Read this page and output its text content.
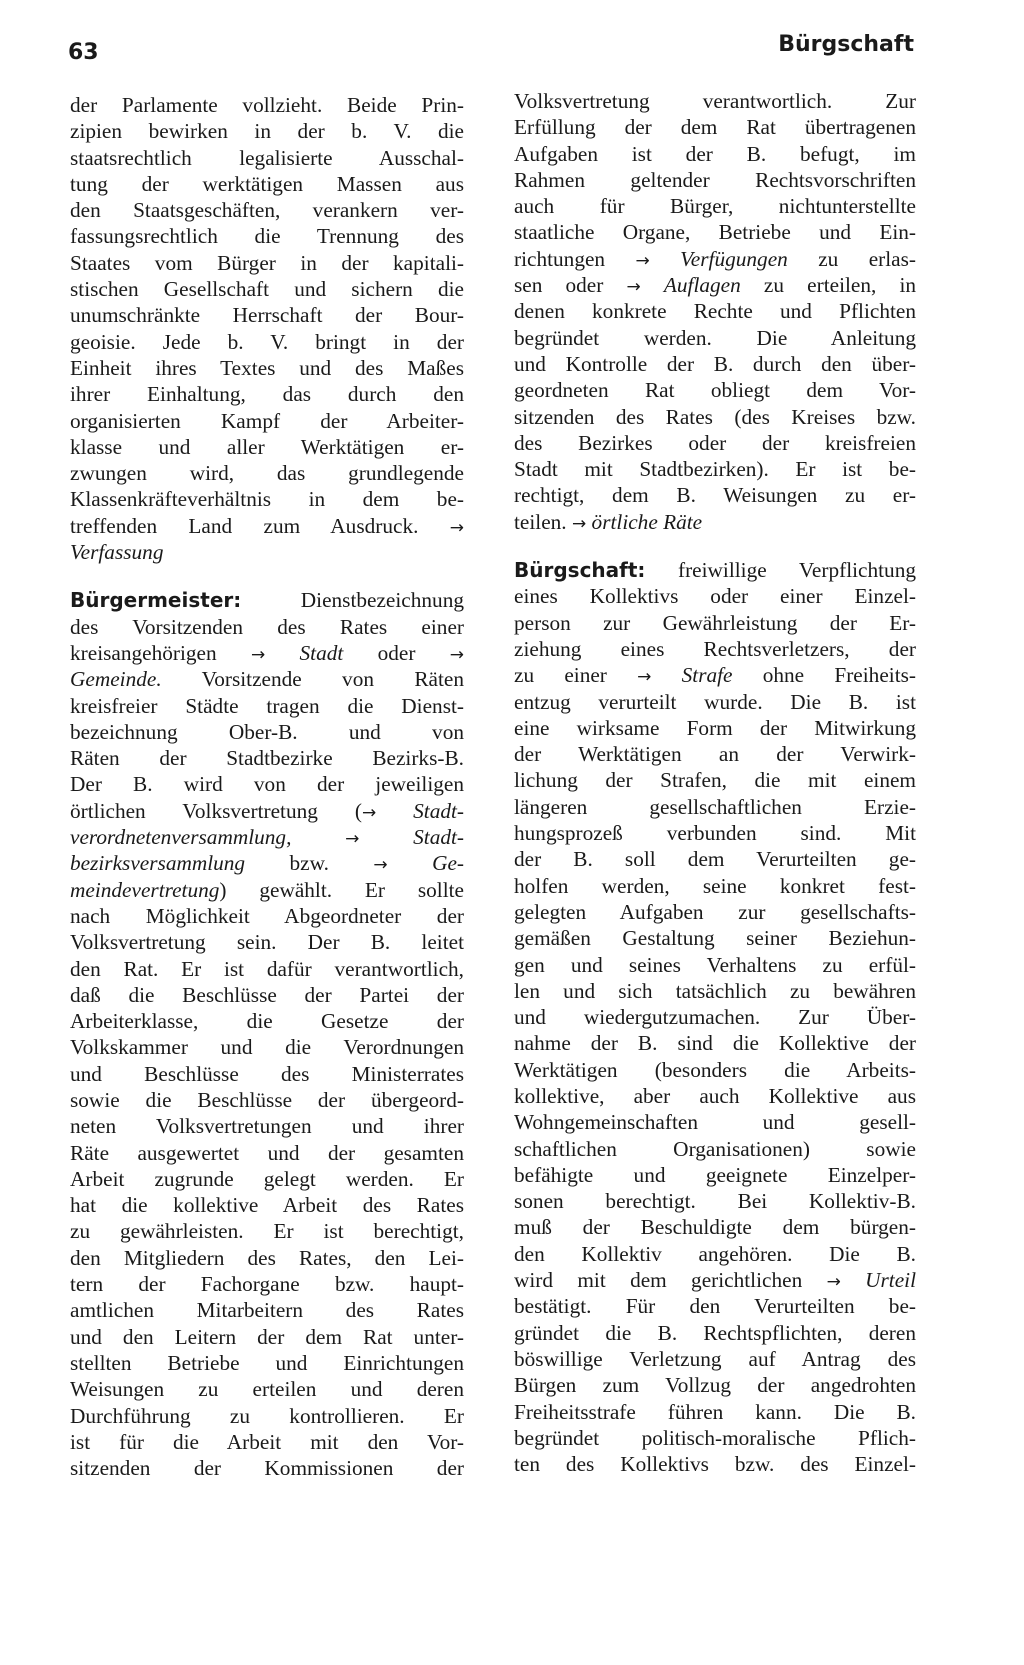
63	Bürgschaft
der Parlamente vollzieht. Beide Prin-
zipien bewirken in der b. V. die
staatsrechtlich legalisierte Ausschal-
tung der werktätigen Massen aus
den Staatsgeschäften, verankern ver-
fassungsrechtlich die Trennung des
Staates vom Bürger in der kapitali-
stischen Gesellschaft und sichern die
unumschränkte Herrschaft der Bour-
geoisie. Jede b. V. bringt in der
Einheit ihres Textes und des Maßes
ihrer Einhaltung, das durch den
organisierten Kampf der Arbeiter-
klasse und aller Werktätigen er-
zwungen wird, das grundlegende
Klassenkräfteverhältnis in dem be-
treffenden Land zum Ausdruck. →
Verfassung
Bürgermeister:	Dienstbezeichnung
des Vorsitzenden des Rates einer
kreisangehörigen → Stadt oder →
Gemeinde. Vorsitzende von Räten
kreisfreier Städte tragen die Dienst-
bezeichnung Ober-B. und von
Räten der Stadtbezirke Bezirks-B.
Der B. wird von der jeweiligen
örtlichen Volksvertretung (→ Stadt-
verordnetenversammlung,	→	Stadt-
bezirksversammlung bzw.	→ Ge-
meindevertretung) gewählt. Er sollte
nach Möglichkeit Abgeordneter der
Volksvertretung sein. Der B. leitet
den Rat. Er ist dafür verantwortlich,
daß die Beschlüsse der Partei der
Arbeiterklasse, die Gesetze der
Volkskammer und die Verordnungen
und Beschlüsse des Ministerrates
sowie die Beschlüsse der übergeord-
neten Volksvertretungen und ihrer
Räte ausgewertet und der gesamten
Arbeit zugrunde gelegt werden. Er
hat die kollektive Arbeit des Rates
zu gewährleisten. Er ist berechtigt,
den Mitgliedern des Rates, den Lei-
tern der Fachorgane bzw. haupt-
amtlichen Mitarbeitern des Rates
und den Leitern der dem Rat unter-
stellten Betriebe und Einrichtungen
Weisungen zu erteilen und deren
Durchführung zu kontrollieren. Er
ist für die Arbeit mit den Vor-
sitzenden der Kommissionen der
Volksvertretung verantwortlich. Zur
Erfüllung der dem Rat übertragenen
Aufgaben ist der B. befugt, im
Rahmen geltender Rechtsvorschriften
auch für Bürger, nichtunterstellte
staatliche Organe, Betriebe und Ein-
richtungen → Verfügungen zu erlas-
sen oder → Auflagen zu erteilen, in
denen konkrete Rechte und Pflichten
begründet werden. Die Anleitung
und Kontrolle der B. durch den über-
geordneten Rat obliegt dem Vor-
sitzenden des Rates (des Kreises bzw.
des Bezirkes oder der kreisfreien
Stadt mit Stadtbezirken). Er ist be-
rechtigt, dem B. Weisungen zu er-
teilen. → örtliche Räte
Bürgschaft: freiwillige Verpflichtung
eines Kollektivs oder einer Einzel-
person zur Gewährleistung der Er-
ziehung eines Rechtsverletzers, der
zu einer → Strafe ohne Freiheits-
entzug verurteilt wurde. Die B. ist
eine wirksame Form der Mitwirkung
der Werktätigen an der Verwirk-
lichung der Strafen, die mit einem
längeren gesellschaftlichen Erzie-
hungsprozeß verbunden sind. Mit
der B. soll dem Verurteilten ge-
holfen werden, seine konkret fest-
gelegten Aufgaben zur gesellschafts-
gemäßen Gestaltung seiner Beziehun-
gen und seines Verhaltens zu erfül-
len und sich tatsächlich zu bewähren
und wiedergutzumachen. Zur Über-
nahme der B. sind die Kollektive der
Werktätigen (besonders die Arbeits-
kollektive, aber auch Kollektive aus
Wohngemeinschaften und gesell-
schaftlichen Organisationen) sowie
befähigte und geeignete Einzelper-
sonen berechtigt. Bei Kollektiv-B.
muß der Beschuldigte dem bürgen-
den Kollektiv angehören. Die B.
wird mit dem gerichtlichen → Urteil
bestätigt. Für den Verurteilten be-
gründet die B. Rechtspflichten, deren
böswillige Verletzung auf Antrag des
Bürgen zum Vollzug der angedrohten
Freiheitsstrafe führen kann. Die B.
begründet politisch-moralische Pflich-
ten des Kollektivs bzw. des Einzel-
